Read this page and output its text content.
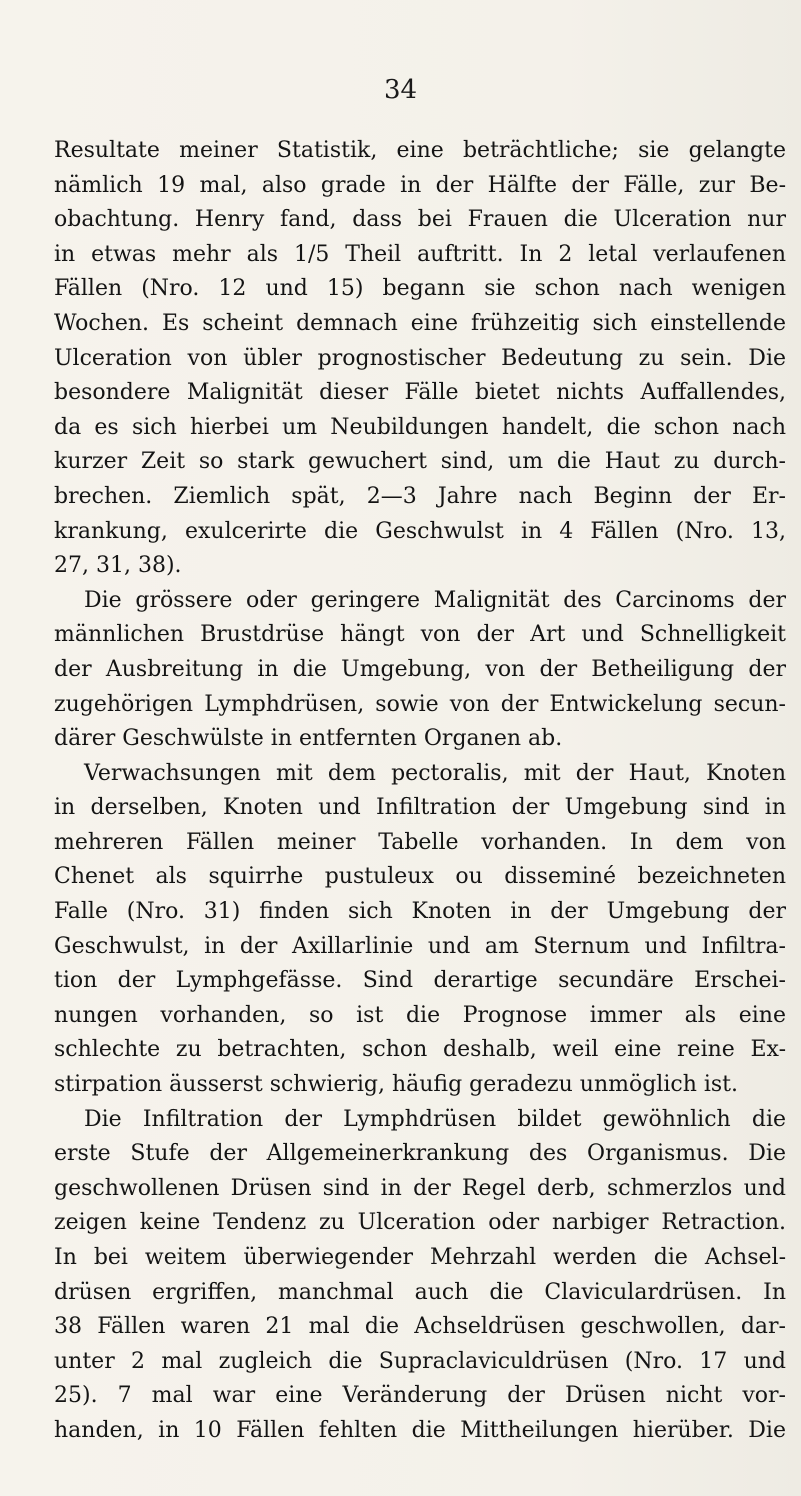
34
Resultate meiner Statistik, eine beträchtliche; sie gelangte
nämlich 19 mal, also grade in der Hälfte der Fälle, zur Be-
obachtung. Henry fand, dass bei Frauen die Ulceration nur
in etwas mehr als 1/5 Theil auftritt. In 2 letal verlaufenen
Fällen (Nro. 12 und 15) begann sie schon nach wenigen
Wochen. Es scheint demnach eine frühzeitig sich einstellende
Ulceration von übler prognostischer Bedeutung zu sein. Die
besondere Malignität dieser Fälle bietet nichts Auffallendes,
da es sich hierbei um Neubildungen handelt, die schon nach
kurzer Zeit so stark gewuchert sind, um die Haut zu durch-
brechen. Ziemlich spät, 2—3 Jahre nach Beginn der Er-
krankung, exulcerirte die Geschwulst in 4 Fällen (Nro. 13,
27, 31, 38).
Die grössere oder geringere Malignität des Carcinoms der
männlichen Brustdrüse hängt von der Art und Schnelligkeit
der Ausbreitung in die Umgebung, von der Betheiligung der
zugehörigen Lymphdrüsen, sowie von der Entwickelung secun-
därer Geschwülste in entfernten Organen ab.
Verwachsungen mit dem pectoralis, mit der Haut, Knoten
in derselben, Knoten und Infiltration der Umgebung sind in
mehreren Fällen meiner Tabelle vorhanden. In dem von
Chenet als squirrhe pustuleux ou disseminé bezeichneten
Falle (Nro. 31) finden sich Knoten in der Umgebung der
Geschwulst, in der Axillarlinie und am Sternum und Infiltra-
tion der Lymphgefässe. Sind derartige secundäre Erschei-
nungen vorhanden, so ist die Prognose immer als eine
schlechte zu betrachten, schon deshalb, weil eine reine Ex-
stirpation äusserst schwierig, häufig geradezu unmöglich ist.
Die Infiltration der Lymphdrüsen bildet gewöhnlich die
erste Stufe der Allgemeinerkrankung des Organismus. Die
geschwollenen Drüsen sind in der Regel derb, schmerzlos und
zeigen keine Tendenz zu Ulceration oder narbiger Retraction.
In bei weitem überwiegender Mehrzahl werden die Achsel-
drüsen ergriffen, manchmal auch die Claviculardrüsen. In
38 Fällen waren 21 mal die Achseldrüsen geschwollen, dar-
unter 2 mal zugleich die Supraclaviculdrüsen (Nro. 17 und
25). 7 mal war eine Veränderung der Drüsen nicht vor-
handen, in 10 Fällen fehlten die Mittheilungen hierüber. Die
